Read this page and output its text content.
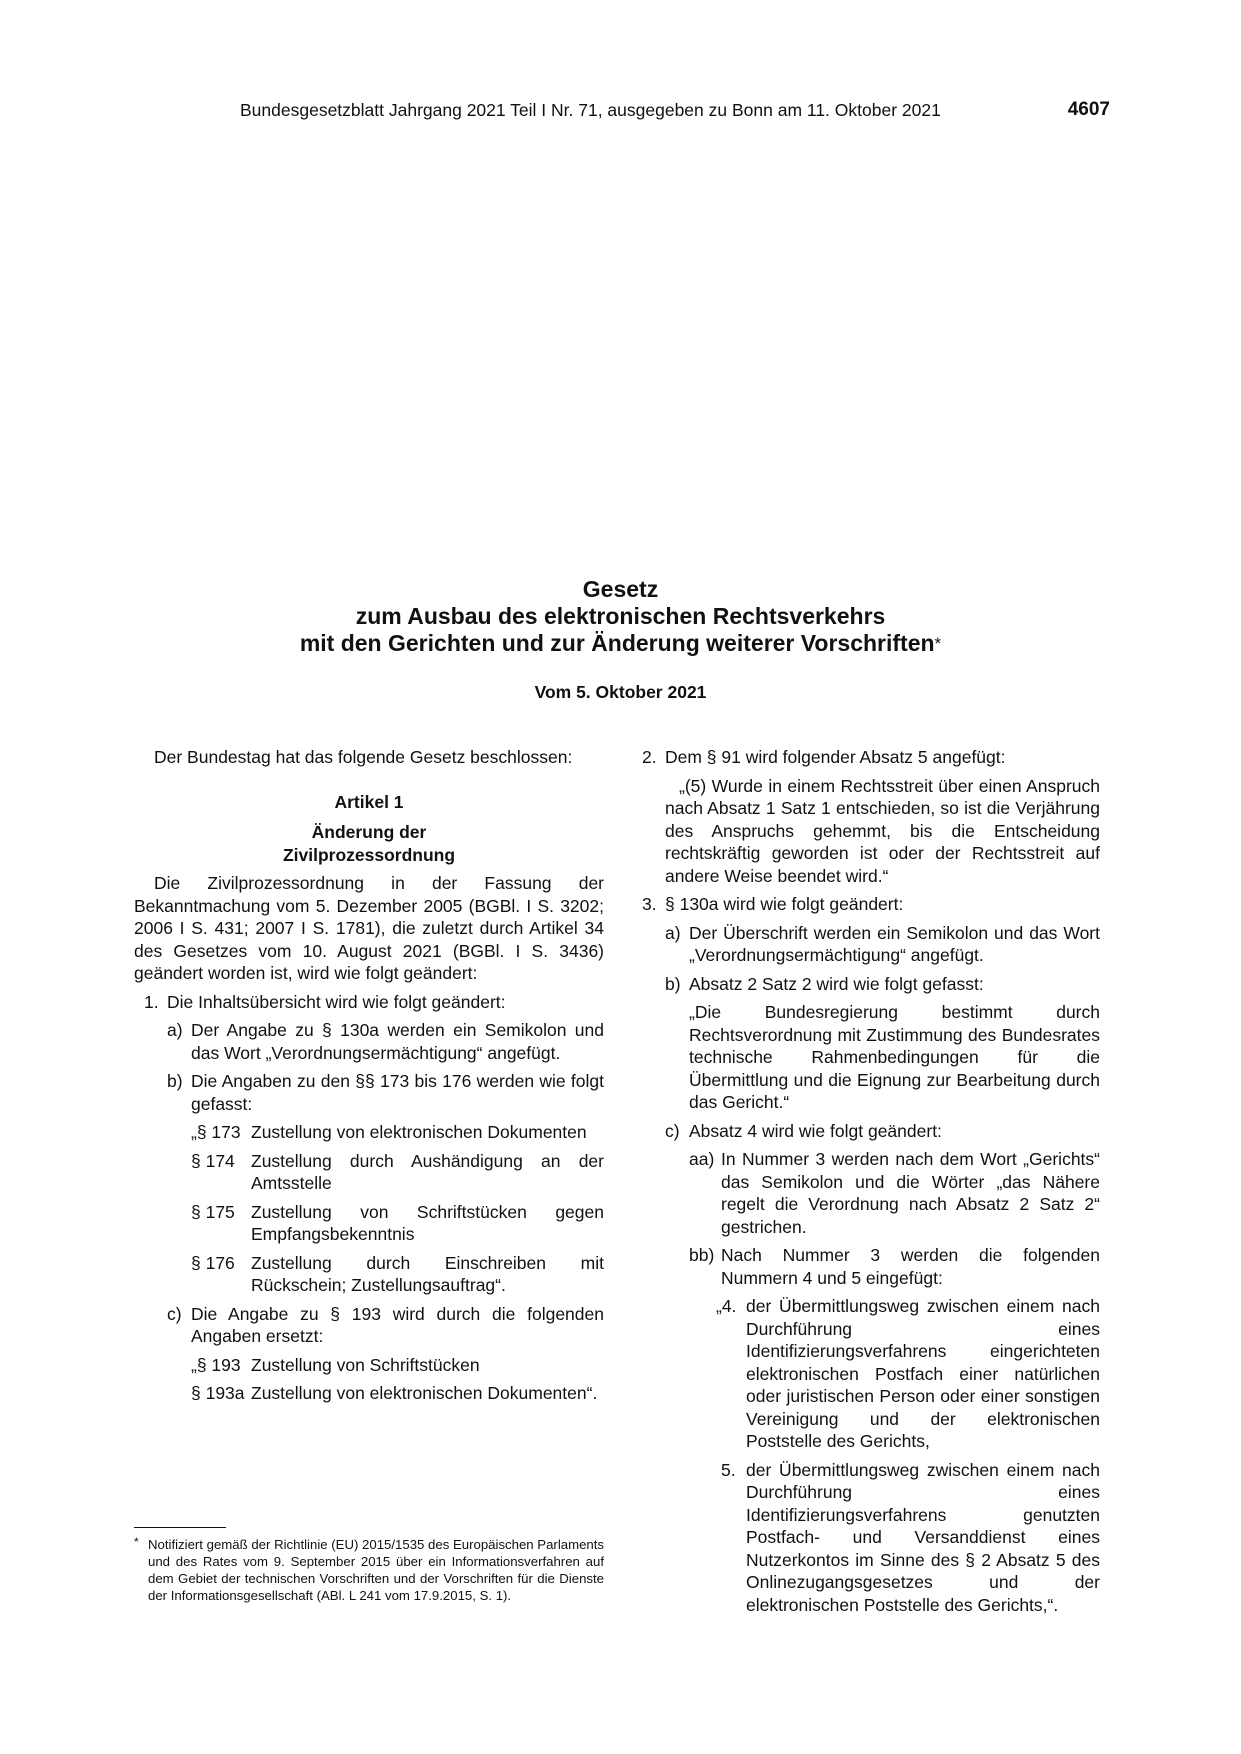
Bundesgesetzblatt Jahrgang 2021 Teil I Nr. 71, ausgegeben zu Bonn am 11. Oktober 2021	4607
Gesetz
zum Ausbau des elektronischen Rechtsverkehrs
mit den Gerichten und zur Änderung weiterer Vorschriften*
Vom 5. Oktober 2021

Der Bundestag hat das folgende Gesetz beschlossen:

Artikel 1

Änderung der

Zivilprozessordnung

Die Zivilprozessordnung in der Fassung der Bekanntmachung vom 5. Dezember 2005 (BGBl. I S. 3202; 2006 I S. 431; 2007 I S. 1781), die zuletzt durch Artikel 34 des Gesetzes vom 10. August 2021 (BGBl. I S. 3436) geändert worden ist, wird wie folgt geändert:

1. Die Inhaltsübersicht wird wie folgt geändert:
a) Der Angabe zu § 130a werden ein Semikolon und das Wort „Verordnungsermächtigung“ angefügt.
b) Die Angaben zu den §§ 173 bis 176 werden wie folgt gefasst:
„§ 173 Zustellung von elektronischen Dokumenten
§ 174 Zustellung durch Aushändigung an der Amtsstelle
§ 175 Zustellung von Schriftstücken gegen Empfangsbekenntnis
§ 176 Zustellung durch Einschreiben mit Rückschein; Zustellungsauftrag“.
c) Die Angabe zu § 193 wird durch die folgenden Angaben ersetzt:
„§ 193 Zustellung von Schriftstücken
§ 193a Zustellung von elektronischen Dokumenten“.
2. Dem § 91 wird folgender Absatz 5 angefügt:

„(5) Wurde in einem Rechtsstreit über einen Anspruch nach Absatz 1 Satz 1 entschieden, so ist die Verjährung des Anspruchs gehemmt, bis die Entscheidung rechtskräftig geworden ist oder der Rechtsstreit auf andere Weise beendet wird.“

3. § 130a wird wie folgt geändert:
a) Der Überschrift werden ein Semikolon und das Wort „Verordnungsermächtigung“ angefügt.
b) Absatz 2 Satz 2 wird wie folgt gefasst:

„Die Bundesregierung bestimmt durch Rechtsverordnung mit Zustimmung des Bundesrates technische Rahmenbedingungen für die Übermittlung und die Eignung zur Bearbeitung durch das Gericht.“

c) Absatz 4 wird wie folgt geändert:
aa) In Nummer 3 werden nach dem Wort „Gerichts“ das Semikolon und die Wörter „das Nähere regelt die Verordnung nach Absatz 2 Satz 2“ gestrichen.
bb) Nach Nummer 3 werden die folgenden Nummern 4 und 5 eingefügt:
„4. der Übermittlungsweg zwischen einem nach Durchführung eines Identifizierungsverfahrens eingerichteten elektronischen Postfach einer natürlichen oder juristischen Person oder einer sonstigen Vereinigung und der elektronischen Poststelle des Gerichts,
5. der Übermittlungsweg zwischen einem nach Durchführung eines Identifizierungsverfahrens genutzten Postfach- und Versanddienst eines Nutzerkontos im Sinne des § 2 Absatz 5 des Onlinezugangsgesetzes und der elektronischen Poststelle des Gerichts,“.
* Notifiziert gemäß der Richtlinie (EU) 2015/1535 des Europäischen Parlaments und des Rates vom 9. September 2015 über ein Informationsverfahren auf dem Gebiet der technischen Vorschriften und der Vorschriften für die Dienste der Informationsgesellschaft (ABl. L 241 vom 17.9.2015, S. 1).
